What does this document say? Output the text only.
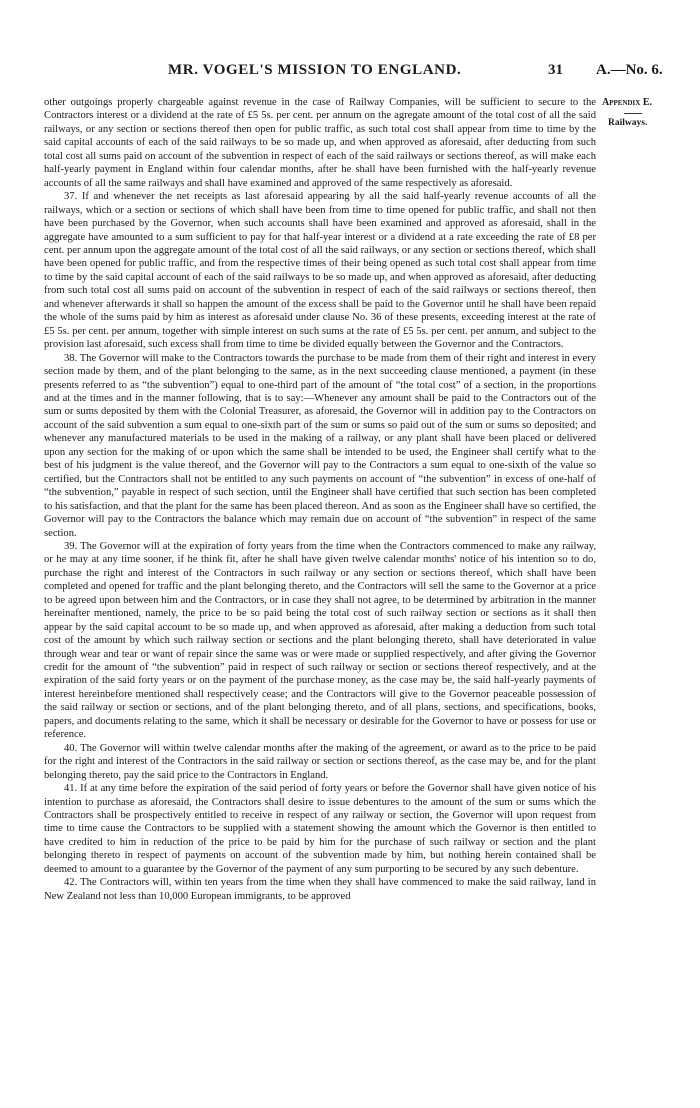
MR. VOGEL'S MISSION TO ENGLAND.	31 A.—No. 6.
Appendix E.
Railways.

other outgoings properly chargeable against revenue in the case of Railway Companies, will be sufficient to secure to the Contractors interest or a dividend at the rate of £5 5s. per cent. per annum on the agregate amount of the total cost of all the said railways, or any section or sections thereof then open for public traffic, as such total cost shall appear from time to time by the said capital accounts of each of the said railways to be so made up, and when approved as aforesaid, after deducting from such total cost all sums paid on account of the subvention in respect of each of the said railways or sections thereof, as will make each half-yearly payment in England within four calendar months, after he shall have been furnished with the half-yearly revenue accounts of all the same railways and shall have examined and approved of the same respectively as aforesaid.

37. If and whenever the net receipts as last aforesaid appearing by all the said half-yearly revenue accounts of all the railways, which or a section or sections of which shall have been from time to time opened for public traffic, and shall not then have been purchased by the Governor, when such accounts shall have been examined and approved as aforesaid, shall in the aggregate have amounted to a sum sufficient to pay for that half-year interest or a dividend at a rate exceeding the rate of £8 per cent. per annum upon the aggregate amount of the total cost of all the said railways, or any section or sections thereof, which shall have been opened for public traffic, and from the respective times of their being opened as such total cost shall appear from time to time by the said capital account of each of the said railways to be so made up, and when approved as aforesaid, after deducting from such total cost all sums paid on account of the subvention in respect of each of the said railways or sections thereof, then and whenever afterwards it shall so happen the amount of the excess shall be paid to the Governor until he shall have been repaid the whole of the sums paid by him as interest as aforesaid under clause No. 36 of these presents, exceeding interest at the rate of £5 5s. per cent. per annum, together with simple interest on such sums at the rate of £5 5s. per cent. per annum, and subject to the provision last aforesaid, such excess shall from time to time be divided equally between the Governor and the Contractors.

38. The Governor will make to the Contractors towards the purchase to be made from them of their right and interest in every section made by them, and of the plant belonging to the same, as in the next succeeding clause mentioned, a payment (in these presents referred to as “the subvention”) equal to one-third part of the amount of “the total cost” of a section, in the proportions and at the times and in the manner following, that is to say:—Whenever any amount shall be paid to the Contractors out of the sum or sums deposited by them with the Colonial Treasurer, as aforesaid, the Governor will in addition pay to the Contractors on account of the said subvention a sum equal to one-sixth part of the sum or sums so paid out of the sum or sums so deposited; and whenever any manufactured materials to be used in the making of a railway, or any plant shall have been placed or delivered upon any section for the making of or upon which the same shall be intended to be used, the Engineer shall certify what to the best of his judgment is the value thereof, and the Governor will pay to the Contractors a sum equal to one-sixth of the value so certified, but the Contractors shall not be entitled to any such payments on account of “the subvention” in excess of one-half of “the subvention,” payable in respect of such section, until the Engineer shall have certified that such section has been completed to his satisfaction, and that the plant for the same has been placed thereon. And as soon as the Engineer shall have so certified, the Governor will pay to the Contractors the balance which may remain due on account of “the subvention” in respect of the same section.

39. The Governor will at the expiration of forty years from the time when the Contractors commenced to make any railway, or he may at any time sooner, if he think fit, after he shall have given twelve calendar months' notice of his intention so to do, purchase the right and interest of the Contractors in such railway or any section or sections thereof, which shall have been completed and opened for traffic and the plant belonging thereto, and the Contractors will sell the same to the Governor at a price to be agreed upon between him and the Contractors, or in case they shall not agree, to be determined by arbitration in the manner hereinafter mentioned, namely, the price to be so paid being the total cost of such railway section or sections as it shall then appear by the said capital account to be so made up, and when approved as aforesaid, after making a deduction from such total cost of the amount by which such railway section or sections and the plant belonging thereto, shall have deteriorated in value through wear and tear or want of repair since the same was or were made or supplied respectively, and after giving the Governor credit for the amount of “the subvention” paid in respect of such railway or section or sections thereof respectively, and at the expiration of the said forty years or on the payment of the purchase money, as the case may be, the said half-yearly payments of interest hereinbefore mentioned shall respectively cease; and the Contractors will give to the Governor peaceable possession of the said railway or section or sections, and of the plant belonging thereto, and of all plans, sections, and specifications, books, papers, and documents relating to the same, which it shall be necessary or desirable for the Governor to have or possess for use or reference.

40. The Governor will within twelve calendar months after the making of the agreement, or award as to the price to be paid for the right and interest of the Contractors in the said railway or section or sections thereof, as the case may be, and for the plant belonging thereto, pay the said price to the Contractors in England.

41. If at any time before the expiration of the said period of forty years or before the Governor shall have given notice of his intention to purchase as aforesaid, the Contractors shall desire to issue debentures to the amount of the sum or sums which the Contractors shall be prospectively entitled to receive in respect of any railway or section, the Governor will upon request from time to time cause the Contractors to be supplied with a statement showing the amount which the Governor is then entitled to have credited to him in reduction of the price to be paid by him for the purchase of such railway or section and the plant belonging thereto in respect of payments on account of the subvention made by him, but nothing herein contained shall be deemed to amount to a guarantee by the Governor of the payment of any sum purporting to be secured by any such debenture.

42. The Contractors will, within ten years from the time when they shall have commenced to make the said railway, land in New Zealand not less than 10,000 European immigrants, to be approved
